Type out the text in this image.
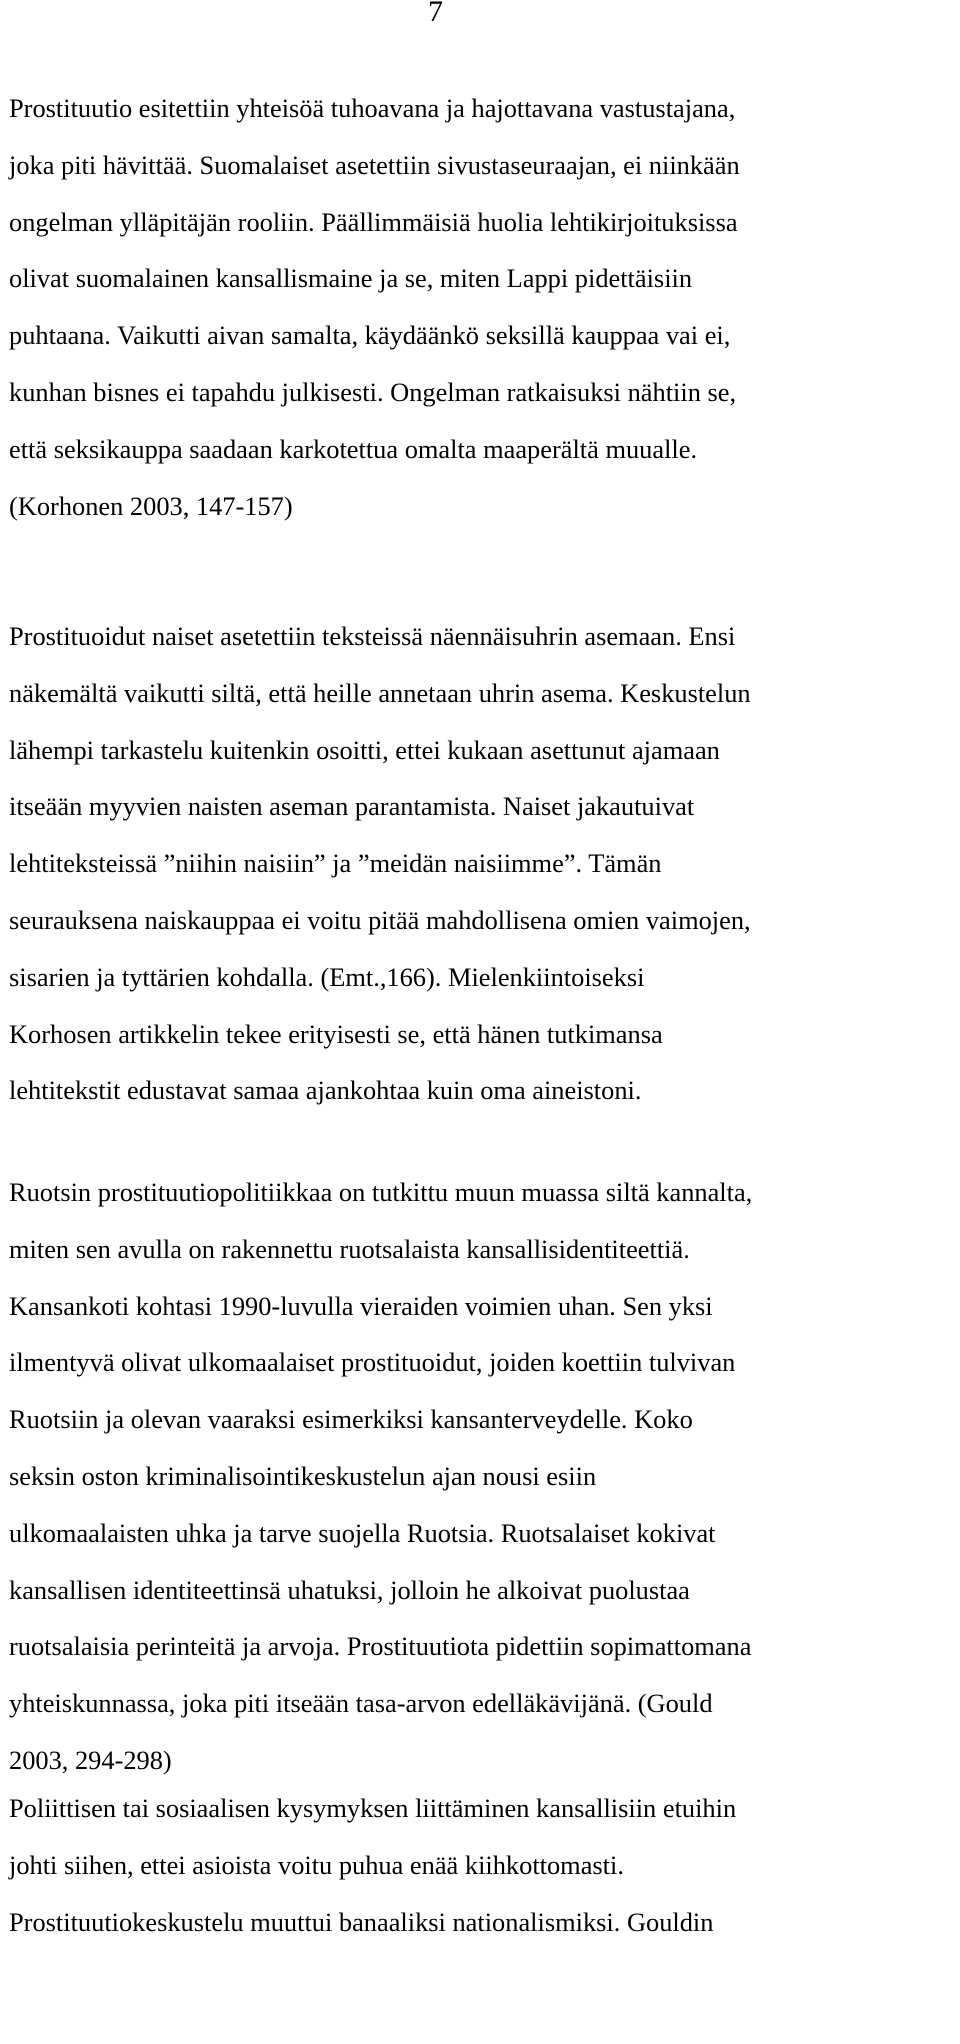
7
Prostituutio esitettiin yhteisöä tuhoavana ja hajottavana vastustajana,
joka piti hävittää. Suomalaiset asetettiin sivustaseuraajan, ei niinkään
ongelman ylläpitäjän rooliin. Päällimmäisiä huolia lehtikirjoituksissa
olivat suomalainen kansallismaine ja se, miten Lappi pidettäisiin
puhtaana. Vaikutti aivan samalta, käydäänkö seksillä kauppaa vai ei,
kunhan bisnes ei tapahdu julkisesti. Ongelman ratkaisuksi nähtiin se,
että seksikauppa saadaan karkotettua omalta maaperältä muualle.
(Korhonen 2003, 147-157)
Prostituoidut naiset asetettiin teksteissä näennäisuhrin asemaan. Ensi
näkemältä vaikutti siltä, että heille annetaan uhrin asema. Keskustelun
lähempi tarkastelu kuitenkin osoitti, ettei kukaan asettunut ajamaan
itseään myyvien naisten aseman parantamista. Naiset jakautuivat
lehtiteksteissä ”niihin naisiin” ja ”meidän naisiimme”. Tämän
seurauksena naiskauppaa ei voitu pitää mahdollisena omien vaimojen,
sisarien ja tyttärien kohdalla. (Emt.,166). Mielenkiintoiseksi
Korhosen artikkelin tekee erityisesti se, että hänen tutkimansa
lehtitekstit edustavat samaa ajankohtaa kuin oma aineistoni.
Ruotsin prostituutiopolitiikkaa on tutkittu muun muassa siltä kannalta,
miten sen avulla on rakennettu ruotsalaista kansallisidentiteettiä.
Kansankoti kohtasi 1990-luvulla vieraiden voimien uhan. Sen yksi
ilmentyvä olivat ulkomaalaiset prostituoidut, joiden koettiin tulvivan
Ruotsiin ja olevan vaaraksi esimerkiksi kansanterveydelle. Koko
seksin oston kriminalisointikeskustelun ajan nousi esiin
ulkomaalaisten uhka ja tarve suojella Ruotsia. Ruotsalaiset kokivat
kansallisen identiteettinsä uhatuksi, jolloin he alkoivat puolustaa
ruotsalaisia perinteitä ja arvoja. Prostituutiota pidettiin sopimattomana
yhteiskunnassa, joka piti itseään tasa-arvon edelläkävijänä. (Gould
2003, 294-298)
Poliittisen tai sosiaalisen kysymyksen liittäminen kansallisiin etuihin
johti siihen, ettei asioista voitu puhua enää kiihkottomasti.
Prostituutiokeskustelu muuttui banaaliksi nationalismiksi. Gouldin
